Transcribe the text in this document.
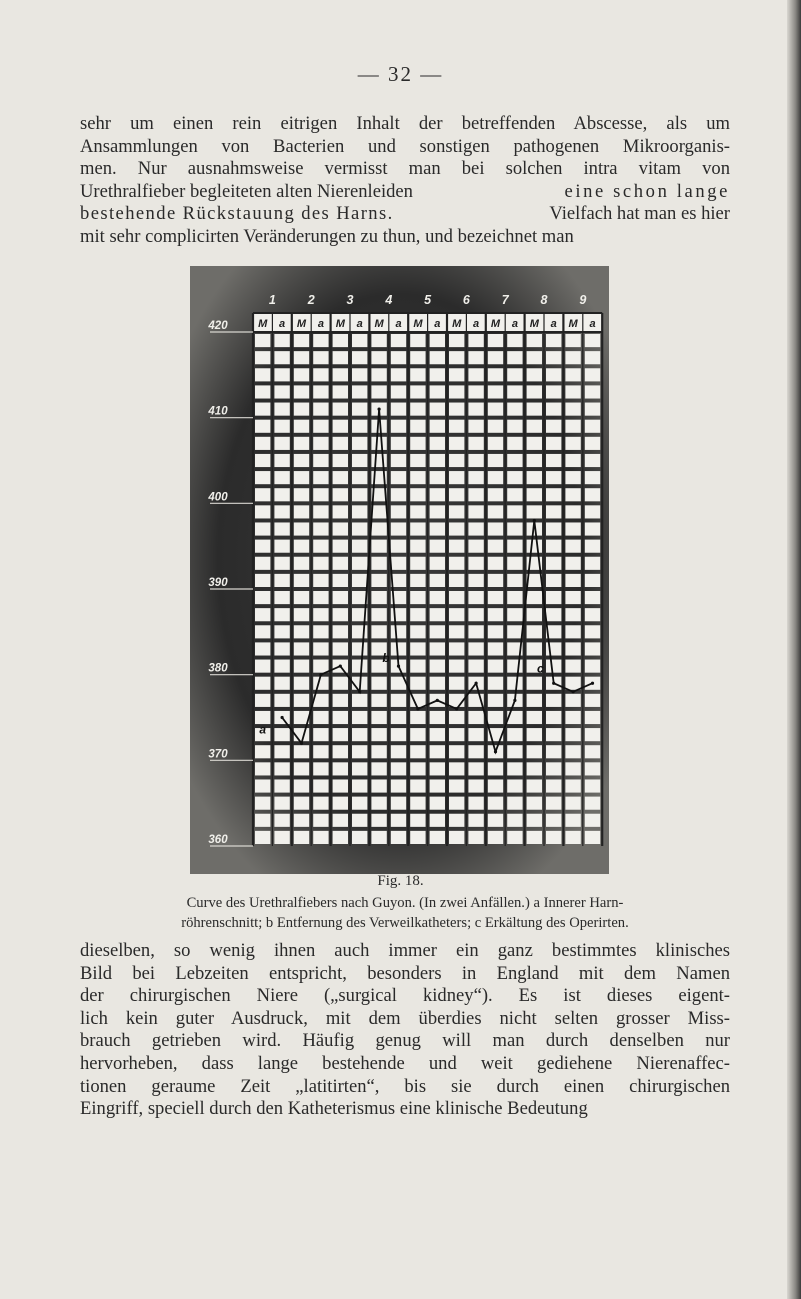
— 32 —
sehr um einen rein eitrigen Inhalt der betreffenden Abscesse, als um
Ansammlungen von Bacterien und sonstigen pathogenen Mikroorganis-
men. Nur ausnahmsweise vermisst man bei solchen intra vitam von
Urethralfieber begleiteten alten Nierenleiden	eine schon lange
bestehende Rückstauung des Harns.	Vielfach hat man es hier
mit sehr complicirten Veränderungen zu thun, und bezeichnet man
1	2	3	4	5	6	7	8	9
M a M a M a M a M a M a M a M a M a
420
410
400
390
380
370
360
a
b
c
Fig. 18.
Curve des Urethralfiebers nach Guyon. (In zwei Anfällen.) a Innerer Harn-
röhrenschnitt; b Entfernung des Verweilkatheters; c Erkältung des Operirten.
dieselben, so wenig ihnen auch immer ein ganz bestimmtes klinisches
Bild bei Lebzeiten entspricht, besonders in England mit dem Namen
der chirurgischen Niere („surgical kidney“). Es ist dieses eigent-
lich kein guter Ausdruck, mit dem überdies nicht selten grosser Miss-
brauch getrieben wird. Häufig genug will man durch denselben nur
hervorheben, dass lange bestehende und weit gediehene Nierenaffec-
tionen geraume Zeit „latitirten“, bis sie durch einen chirurgischen
Eingriff, speciell durch den Katheterismus eine klinische Bedeutung
